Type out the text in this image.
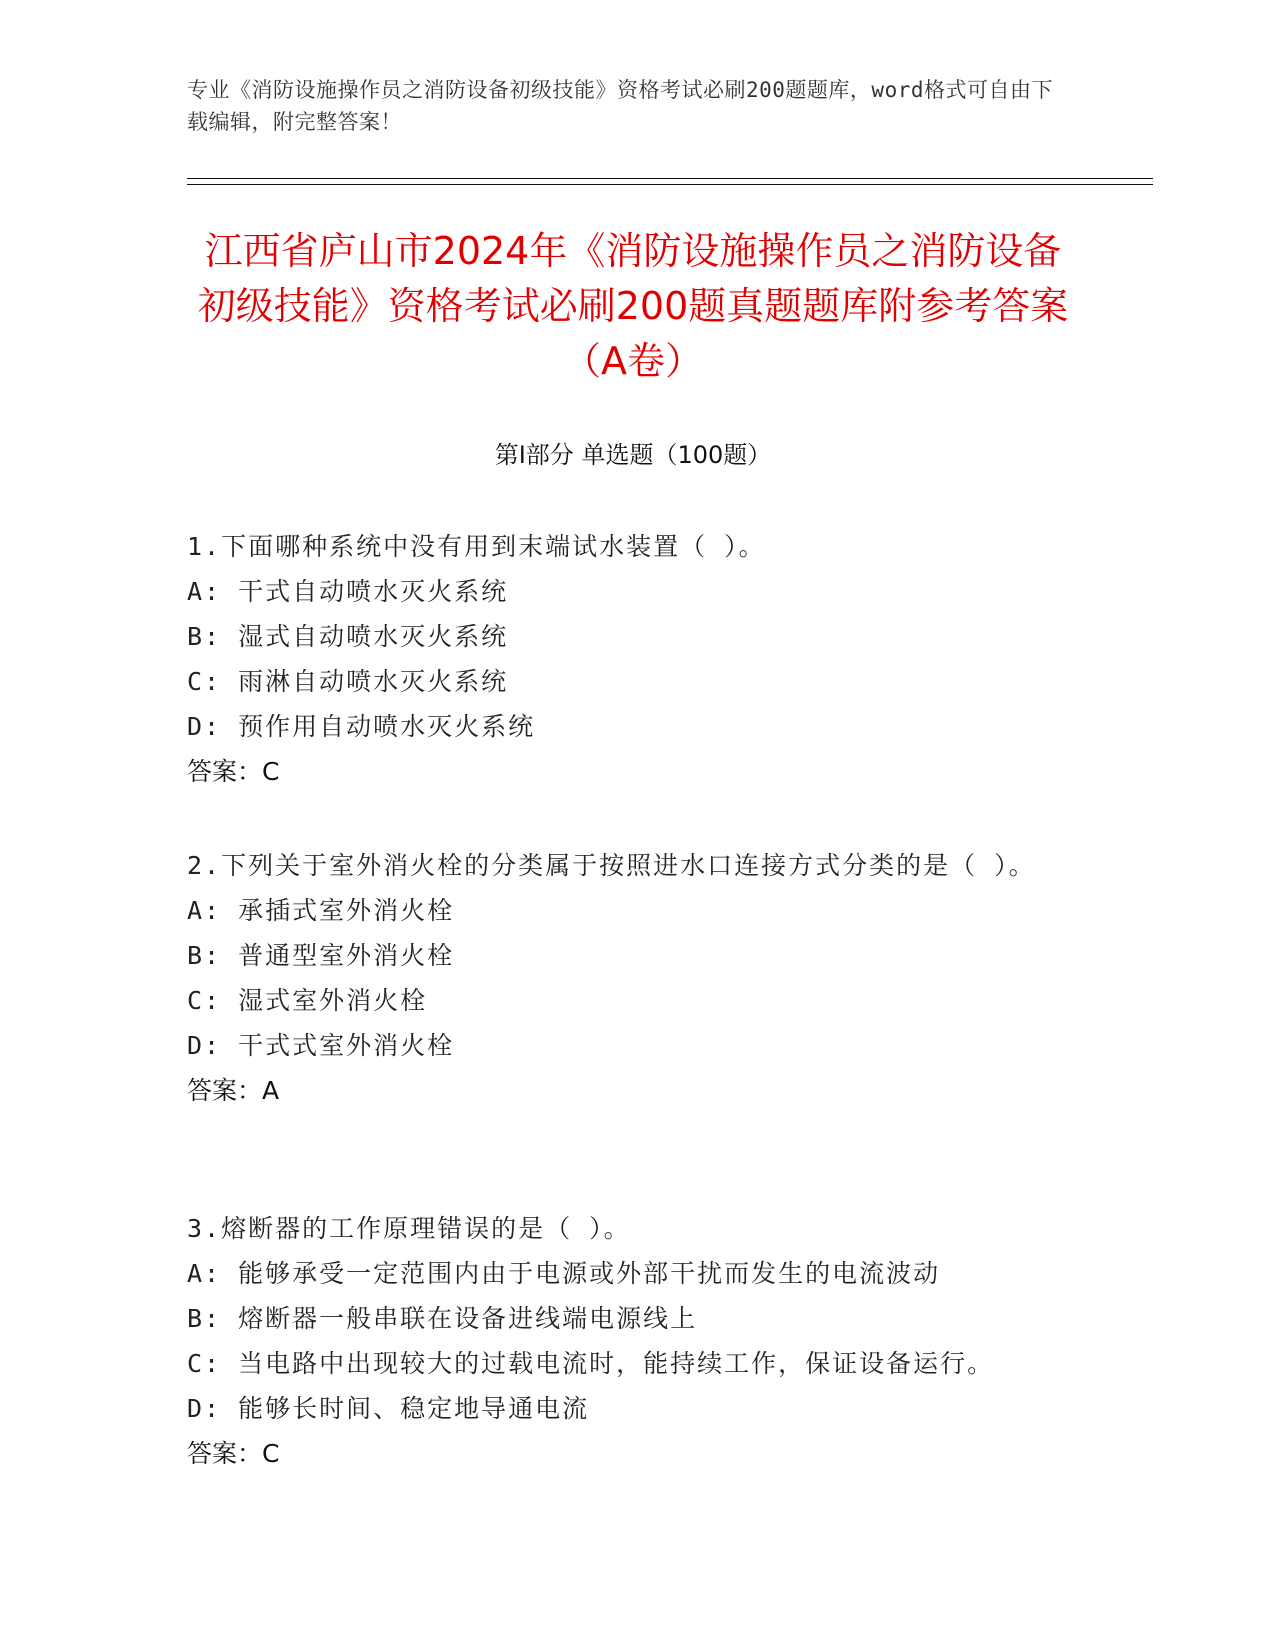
专业《消防设施操作员之消防设备初级技能》资格考试必刷200题题库，word格式可自由下载编辑，附完整答案！
江西省庐山市2024年《消防设施操作员之消防设备初级技能》资格考试必刷200题真题题库附参考答案（A卷）
第I部分 单选题（100题）
1.下面哪种系统中没有用到末端试水装置（ ）。
A: 干式自动喷水灭火系统
B: 湿式自动喷水灭火系统
C: 雨淋自动喷水灭火系统
D: 预作用自动喷水灭火系统
答案：C
2.下列关于室外消火栓的分类属于按照进水口连接方式分类的是（ ）。
A: 承插式室外消火栓
B: 普通型室外消火栓
C: 湿式室外消火栓
D: 干式式室外消火栓
答案：A
3.熔断器的工作原理错误的是（ ）。
A: 能够承受一定范围内由于电源或外部干扰而发生的电流波动
B: 熔断器一般串联在设备进线端电源线上
C: 当电路中出现较大的过载电流时，能持续工作，保证设备运行。
D: 能够长时间、稳定地导通电流
答案：C
